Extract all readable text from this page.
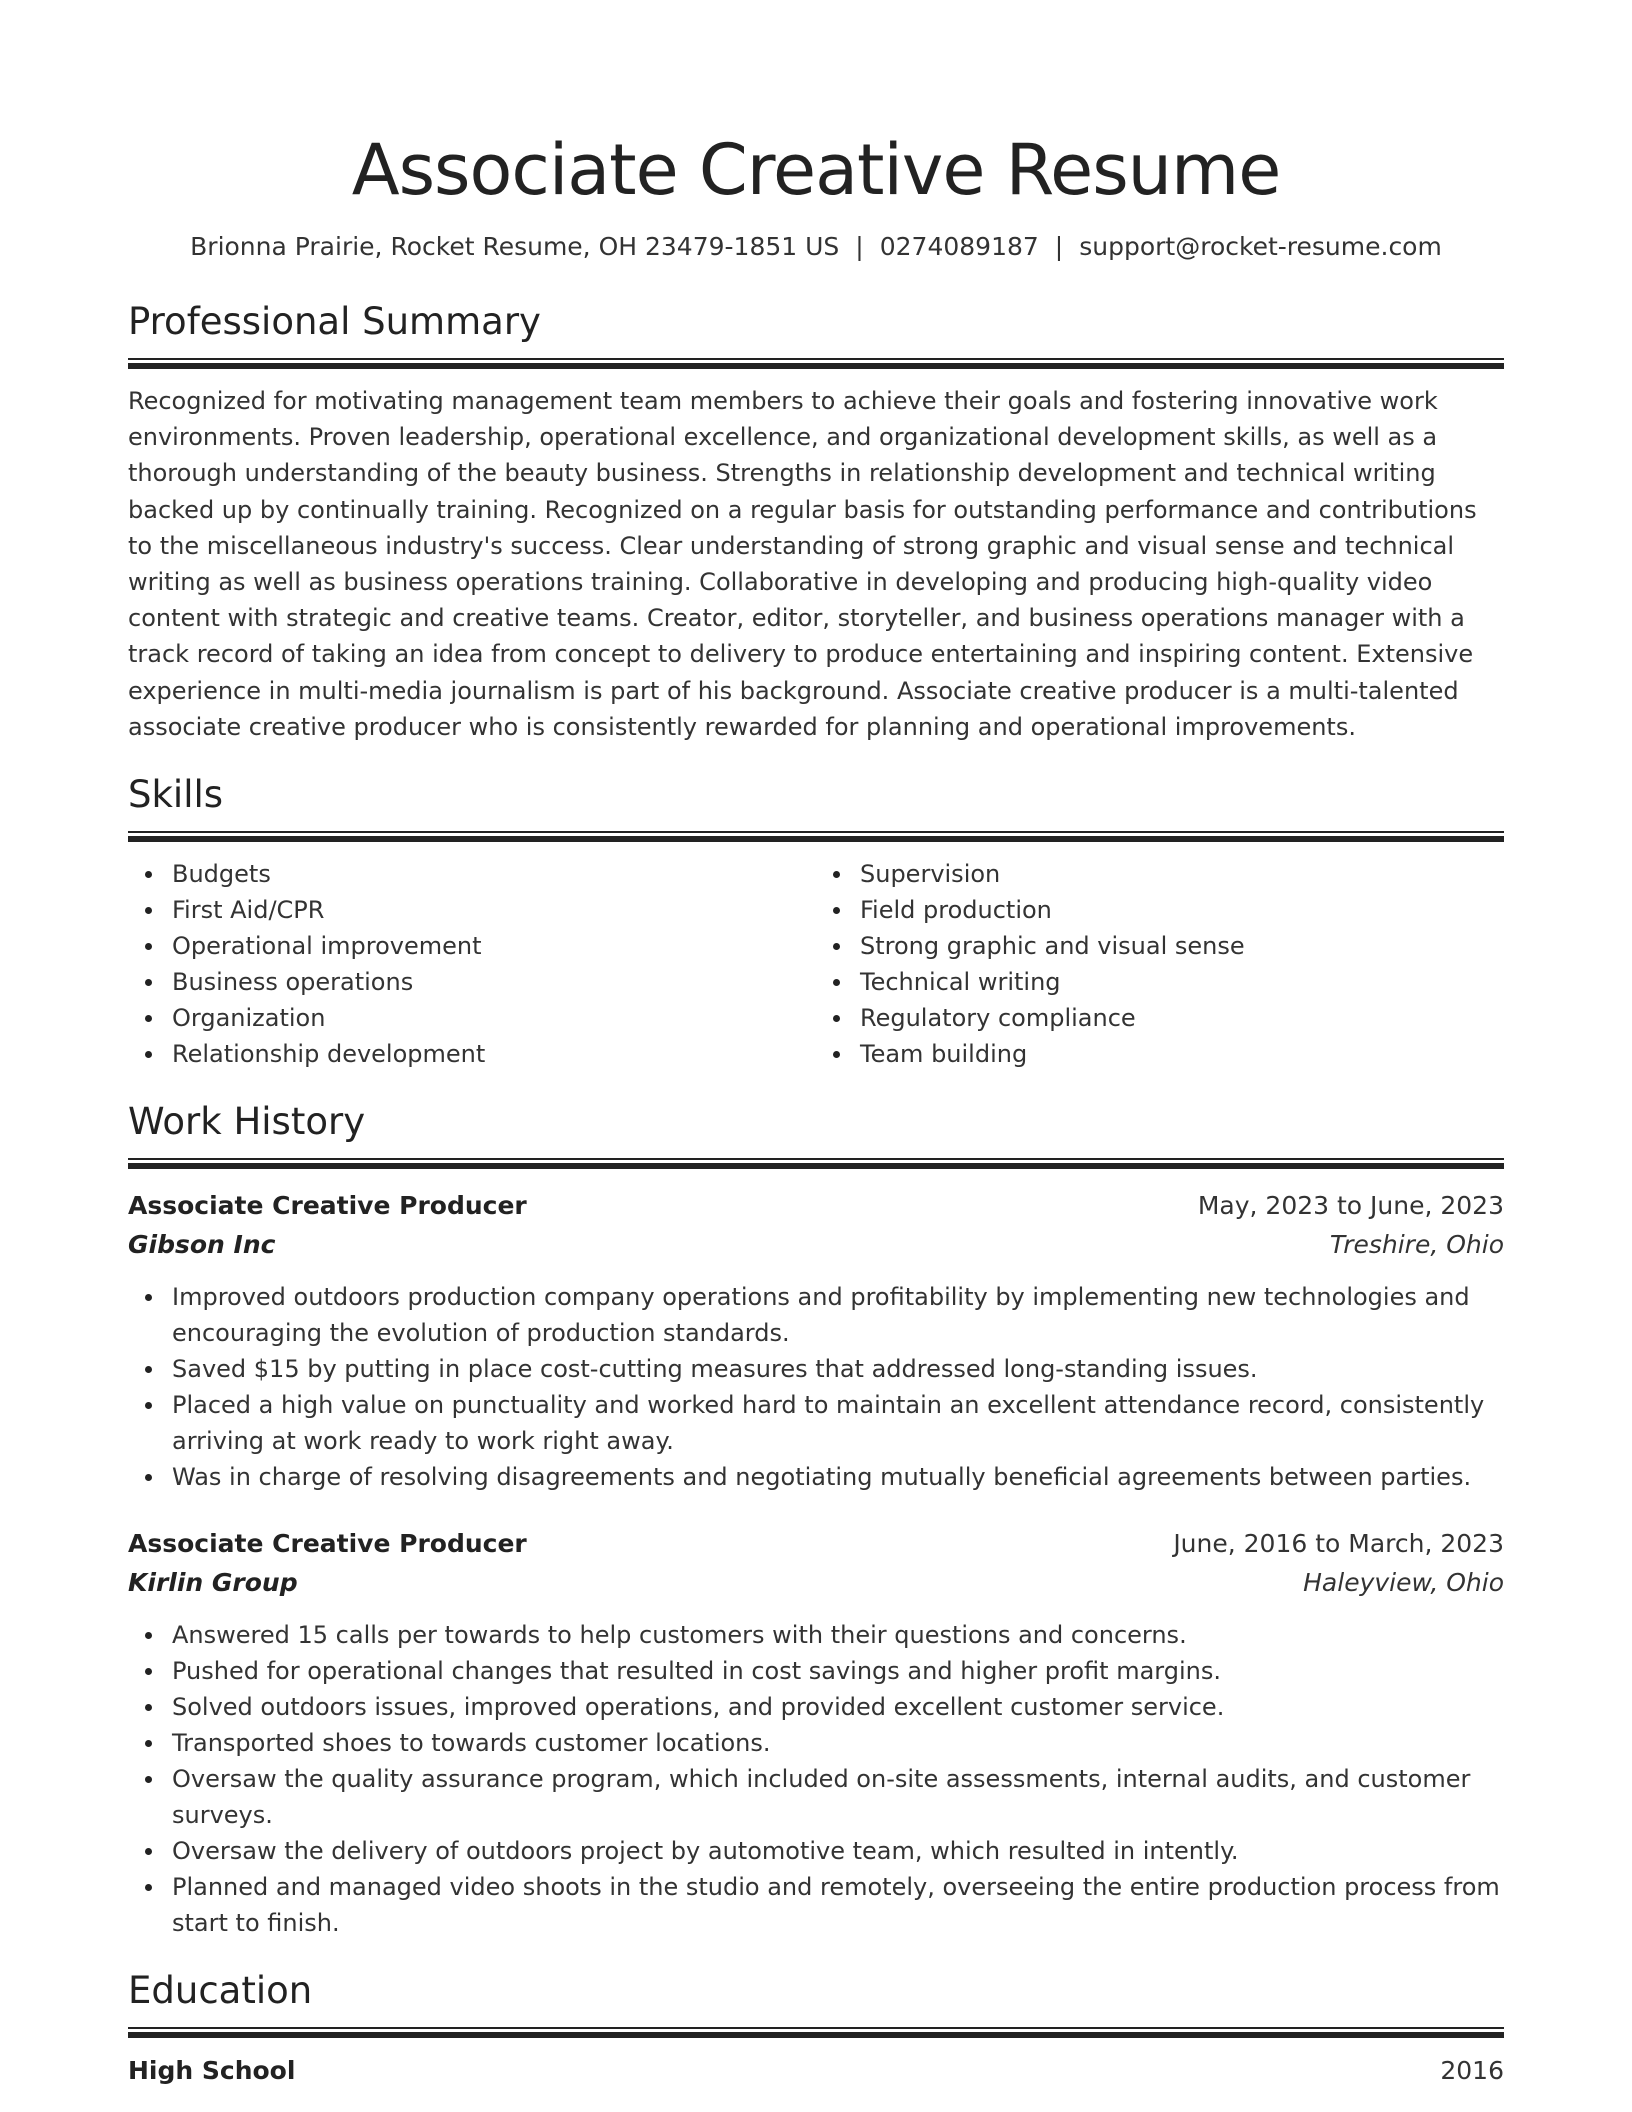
Associate Creative Resume
Brionna Prairie, Rocket Resume, OH 23479-1851 US | 0274089187 | support@rocket-resume.com
Professional Summary

Recognized for motivating management team members to achieve their goals and fostering innovative work environments. Proven leadership, operational excellence, and organizational development skills, as well as a thorough understanding of the beauty business. Strengths in relationship development and technical writing backed up by continually training. Recognized on a regular basis for outstanding performance and contributions to the miscellaneous industry's success. Clear understanding of strong graphic and visual sense and technical writing as well as business operations training. Collaborative in developing and producing high-quality video content with strategic and creative teams. Creator, editor, storyteller, and business operations manager with a track record of taking an idea from concept to delivery to produce entertaining and inspiring content. Extensive experience in multi-media journalism is part of his background. Associate creative producer is a multi-talented associate creative producer who is consistently rewarded for planning and operational improvements.

Skills
Budgets
First Aid/CPR
Operational improvement
Business operations
Organization
Relationship development
Supervision
Field production
Strong graphic and visual sense
Technical writing
Regulatory compliance
Team building
Work History
Associate Creative Producer	May, 2023 to June, 2023
Gibson Inc	Treshire, Ohio
Improved outdoors production company operations and profitability by implementing new technologies and encouraging the evolution of production standards.
Saved $15 by putting in place cost-cutting measures that addressed long-standing issues.
Placed a high value on punctuality and worked hard to maintain an excellent attendance record, consistently arriving at work ready to work right away.
Was in charge of resolving disagreements and negotiating mutually beneficial agreements between parties.
Associate Creative Producer	June, 2016 to March, 2023
Kirlin Group	Haleyview, Ohio
Answered 15 calls per towards to help customers with their questions and concerns.
Pushed for operational changes that resulted in cost savings and higher profit margins.
Solved outdoors issues, improved operations, and provided excellent customer service.
Transported shoes to towards customer locations.
Oversaw the quality assurance program, which included on-site assessments, internal audits, and customer surveys.
Oversaw the delivery of outdoors project by automotive team, which resulted in intently.
Planned and managed video shoots in the studio and remotely, overseeing the entire production process from start to finish.
Education
High School	2016
